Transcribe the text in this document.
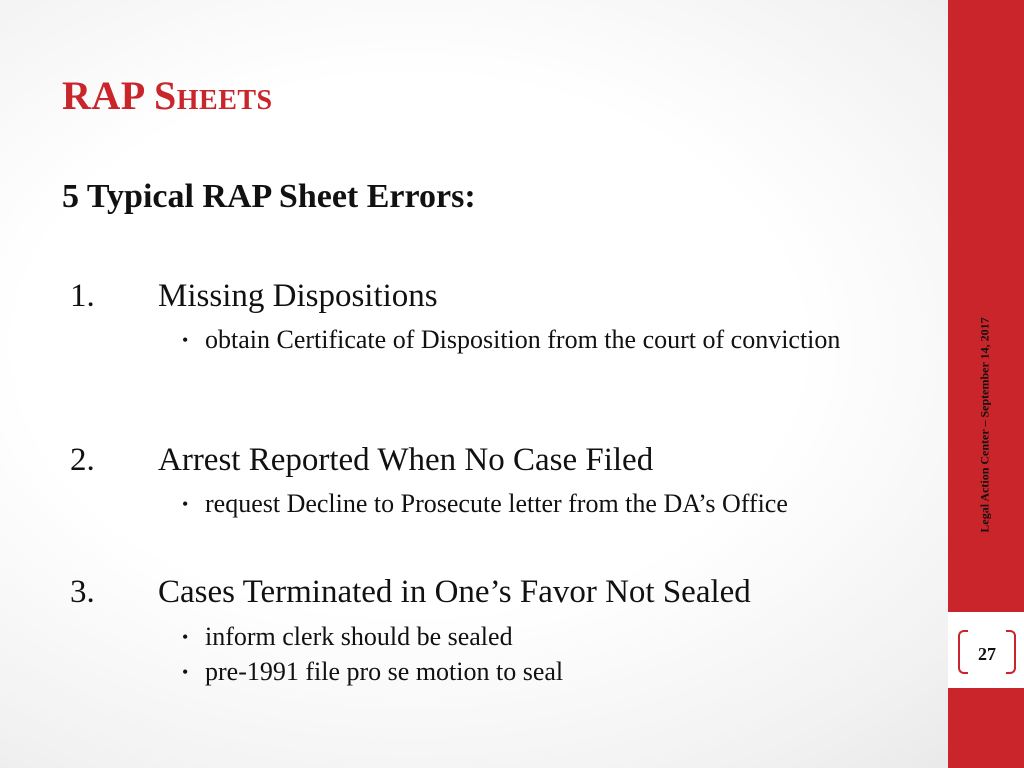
RAP Sheets
5 Typical RAP Sheet Errors:
1. Missing Dispositions
• obtain Certificate of Disposition from the court of conviction
2. Arrest Reported When No Case Filed
• request Decline to Prosecute letter from the DA’s Office
3. Cases Terminated in One’s Favor Not Sealed
• inform clerk should be sealed
• pre-1991 file pro se motion to seal
Legal Action Center – September 14, 2017
27
